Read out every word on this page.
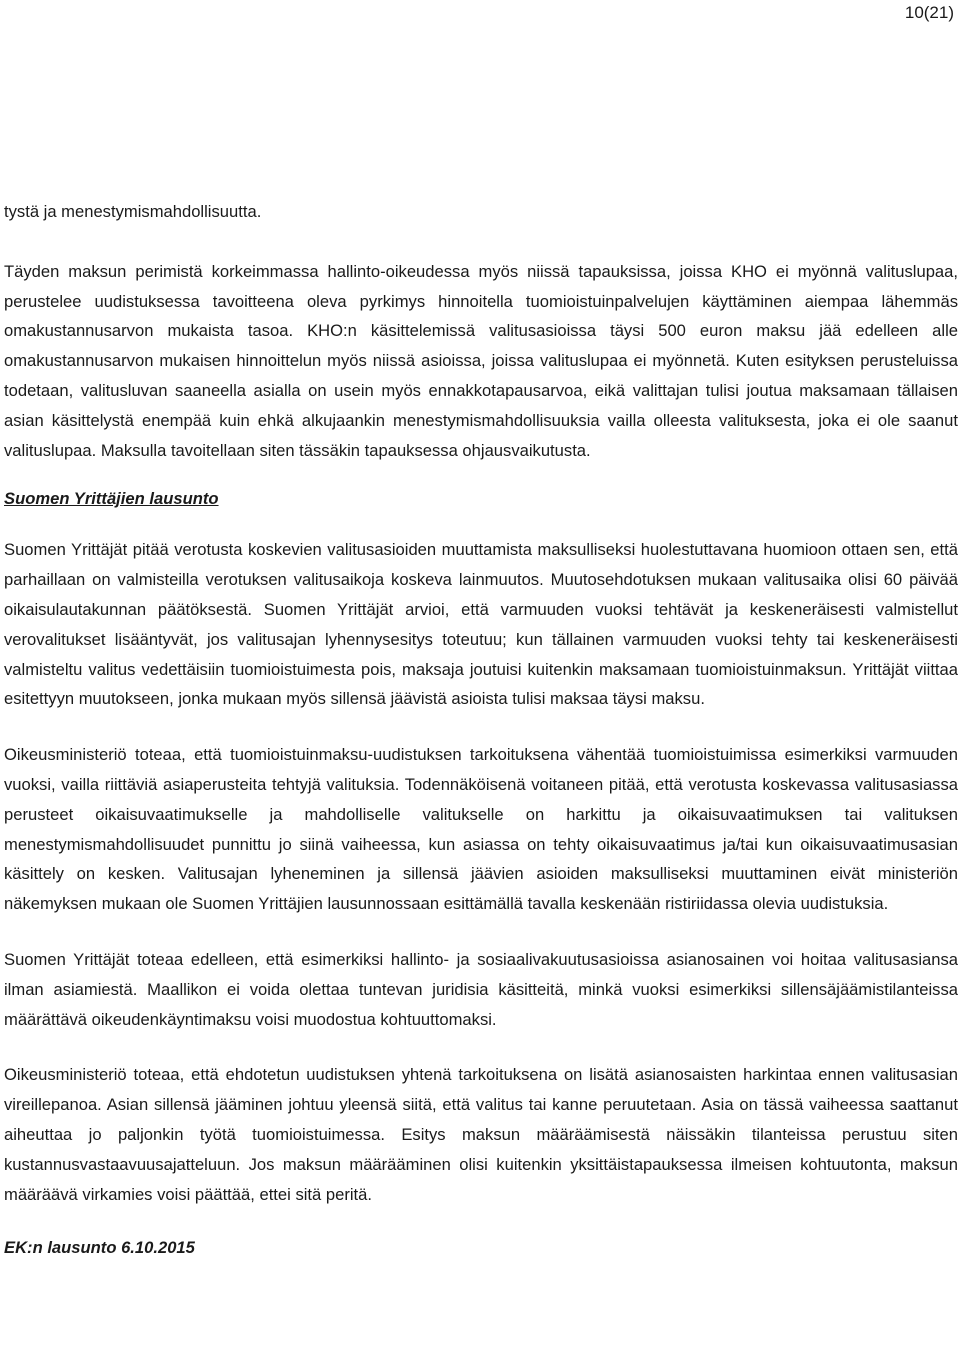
10(21)

tystä ja menestymismahdollisuutta.

Täyden maksun perimistä korkeimmassa hallinto-oikeudessa myös niissä tapauksissa, joissa KHO ei myönnä valituslupaa, perustelee uudistuksessa tavoitteena oleva pyrkimys hinnoitella tuomioistuinpalvelujen käyttäminen aiempaa lähemmäs omakustannusarvon mukaista tasoa. KHO:n käsittelemissä valitusasioissa täysi 500 euron maksu jää edelleen alle omakustannusarvon mukaisen hinnoittelun myös niissä asioissa, joissa valituslupaa ei myönnetä. Kuten esityksen perusteluissa todetaan, valitusluvan saaneella asialla on usein myös ennakkotapausarvoa, eikä valittajan tulisi joutua maksamaan tällaisen asian käsittelystä enempää kuin ehkä alkujaankin menestymismahdollisuuksia vailla olleesta valituksesta, joka ei ole saanut valituslupaa. Maksulla tavoitellaan siten tässäkin tapauksessa ohjausvaikutusta.

Suomen Yrittäjien lausunto

Suomen Yrittäjät pitää verotusta koskevien valitusasioiden muuttamista maksulliseksi huolestuttavana huomioon ottaen sen, että parhaillaan on valmisteilla verotuksen valitusaikoja koskeva lainmuutos. Muutosehdotuksen mukaan valitusaika olisi 60 päivää oikaisulautakunnan päätöksestä. Suomen Yrittäjät arvioi, että varmuuden vuoksi tehtävät ja keskeneräisesti valmistellut verovalitukset lisääntyvät, jos valitusajan lyhennysesitys toteutuu; kun tällainen varmuuden vuoksi tehty tai keskeneräisesti valmisteltu valitus vedettäisiin tuomioistuimesta pois, maksaja joutuisi kuitenkin maksamaan tuomioistuinmaksun. Yrittäjät viittaa esitettyyn muutokseen, jonka mukaan myös sillensä jäävistä asioista tulisi maksaa täysi maksu.

Oikeusministeriö toteaa, että tuomioistuinmaksu-uudistuksen tarkoituksena vähentää tuomioistuimissa esimerkiksi varmuuden vuoksi, vailla riittäviä asiaperusteita tehtyjä valituksia. Todennäköisenä voitaneen pitää, että verotusta koskevassa valitusasiassa perusteet oikaisuvaatimukselle ja mahdolliselle valitukselle on harkittu ja oikaisuvaatimuksen tai valituksen menestymismahdollisuudet punnittu jo siinä vaiheessa, kun asiassa on tehty oikaisuvaatimus ja/tai kun oikaisuvaatimusasian käsittely on kesken. Valitusajan lyheneminen ja sillensä jäävien asioiden maksulliseksi muuttaminen eivät ministeriön näkemyksen mukaan ole Suomen Yrittäjien lausunnossaan esittämällä tavalla keskenään ristiriidassa olevia uudistuksia.

Suomen Yrittäjät toteaa edelleen, että esimerkiksi hallinto- ja sosiaalivakuutusasioissa asianosainen voi hoitaa valitusasiansa ilman asiamiestä. Maallikon ei voida olettaa tuntevan juridisia käsitteitä, minkä vuoksi esimerkiksi sillensäjäämistilanteissa määrättävä oikeudenkäyntimaksu voisi muodostua kohtuuttomaksi.

Oikeusministeriö toteaa, että ehdotetun uudistuksen yhtenä tarkoituksena on lisätä asianosaisten harkintaa ennen valitusasian vireillepanoa. Asian sillensä jääminen johtuu yleensä siitä, että valitus tai kanne peruutetaan. Asia on tässä vaiheessa saattanut aiheuttaa jo paljonkin työtä tuomioistuimessa. Esitys maksun määräämisestä näissäkin tilanteissa perustuu siten kustannusvastaavuusajatteluun. Jos maksun määrääminen olisi kuitenkin yksittäistapauksessa ilmeisen kohtuutonta, maksun määräävä virkamies voisi päättää, ettei sitä peritä.

EK:n lausunto 6.10.2015
